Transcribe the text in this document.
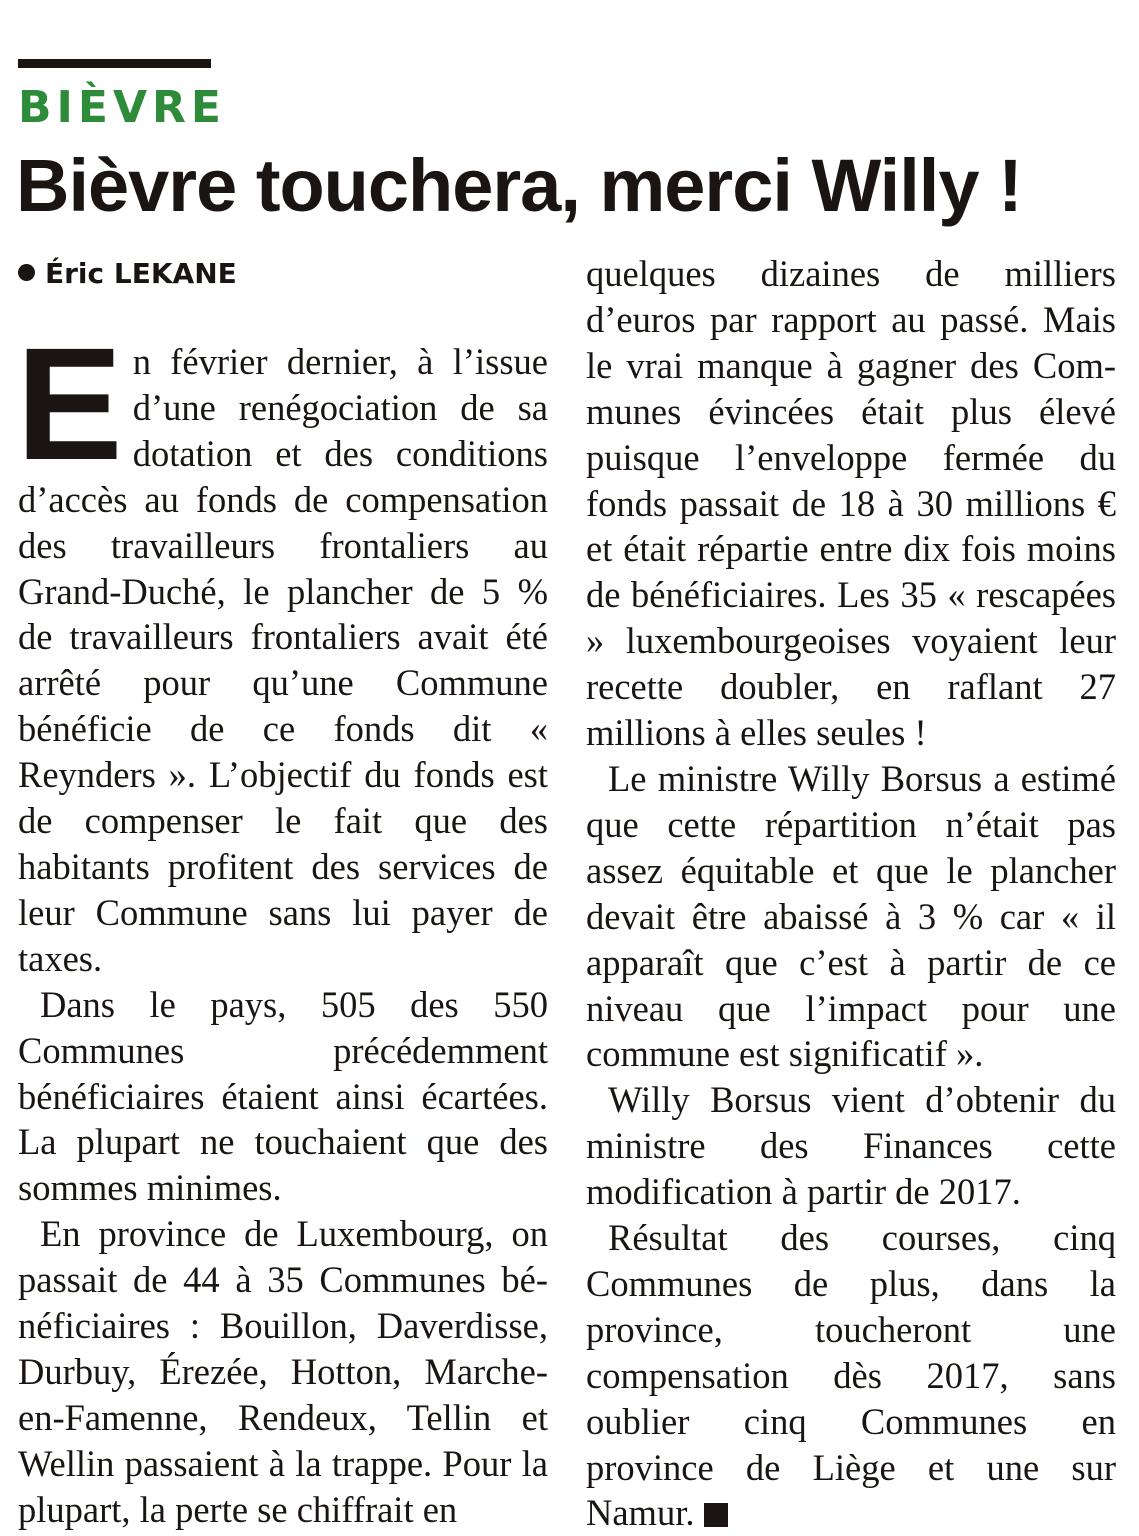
BIÈVRE
Bièvre touchera, merci Willy !
Éric LEKANE

En février dernier, à l’issue d’une renégociation de sa dotation et des conditions d’accès au fonds de compensation des travailleurs frontaliers au Grand-Duché, le plancher de 5 % de travailleurs frontaliers avait été arrêté pour qu’une Commune bénéficie de ce fonds dit « Reynders ». L’objectif du fonds est de compenser le fait que des habitants profitent des services de leur Commune sans lui payer de taxes.

Dans le pays, 505 des 550 Communes précédemment bénéficiaires étaient ainsi écartées. La plupart ne touchaient que des sommes minimes.

En province de Luxembourg, on passait de 44 à 35 Communes bénéficiaires : Bouillon, Daverdisse, Durbuy, Érezée, Hotton, Marche-en-Famenne, Rendeux, Tellin et Wellin passaient à la trappe. Pour la plupart, la perte se chiffrait en

quelques dizaines de milliers d’euros par rapport au passé. Mais le vrai manque à gagner des Communes évincées était plus élevé puisque l’enveloppe fermée du fonds passait de 18 à 30 millions € et était répartie entre dix fois moins de bénéficiaires. Les 35 « rescapées » luxembourgeoises voyaient leur recette doubler, en raflant 27 millions à elles seules !

Le ministre Willy Borsus a estimé que cette répartition n’était pas assez équitable et que le plancher devait être abaissé à 3 % car « il apparaît que c’est à partir de ce niveau que l’impact pour une commune est significatif ».

Willy Borsus vient d’obtenir du ministre des Finances cette modification à partir de 2017.

Résultat des courses, cinq Communes de plus, dans la province, toucheront une compensation dès 2017, sans oublier cinq Communes en province de Liège et une sur Namur.
